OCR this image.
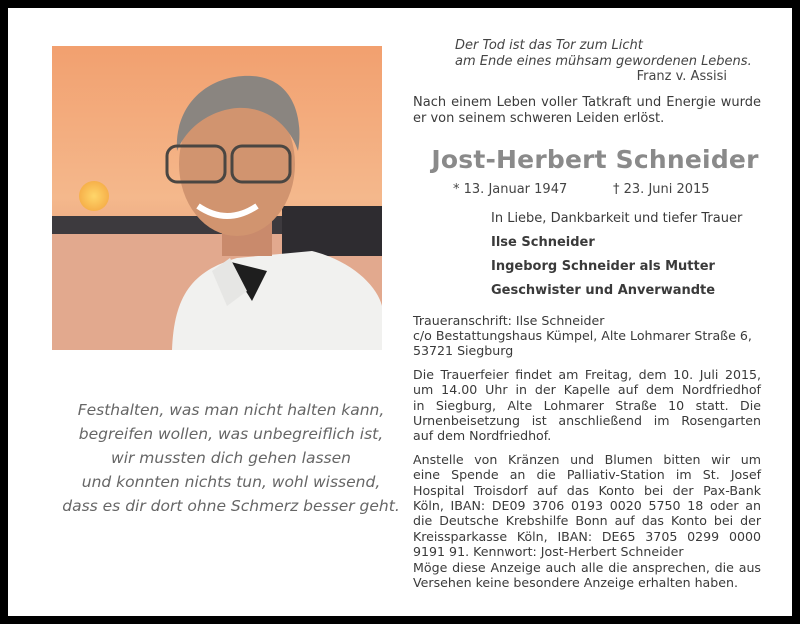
Festhalten, was man nicht halten kann,
begreifen wollen, was unbegreiflich ist,
wir mussten dich gehen lassen
und konnten nichts tun, wohl wissend,
dass es dir dort ohne Schmerz besser geht.
Der Tod ist das Tor zum Licht
am Ende eines mühsam gewordenen Lebens.
Franz v. Assisi
Nach einem Leben voller Tatkraft und Energie wurde er von seinem schweren Leiden erlöst.
Jost-Herbert Schneider
* 13. Januar 1947	† 23. Juni 2015
In Liebe, Dankbarkeit und tiefer Trauer
Ilse Schneider
Ingeborg Schneider als Mutter
Geschwister und Anverwandte
Traueranschrift: Ilse Schneider
c/o Bestattungshaus Kümpel, Alte Lohmarer Straße 6,
53721 Siegburg
Die Trauerfeier findet am Freitag, dem 10. Juli 2015,
um 14.00 Uhr in der Kapelle auf dem Nordfriedhof
in Siegburg, Alte Lohmarer Straße 10 statt. Die
Urnenbeisetzung ist anschließend im Rosengarten
auf dem Nordfriedhof.
Anstelle von Kränzen und Blumen bitten wir um
eine Spende an die Palliativ-Station im St. Josef
Hospital Troisdorf auf das Konto bei der Pax-Bank
Köln, IBAN: DE09 3706 0193 0020 5750 18 oder an
die Deutsche Krebshilfe Bonn auf das Konto bei der
Kreissparkasse Köln, IBAN: DE65 3705 0299 0000
9191 91. Kennwort: Jost-Herbert Schneider
Möge diese Anzeige auch alle die ansprechen, die aus
Versehen keine besondere Anzeige erhalten haben.
